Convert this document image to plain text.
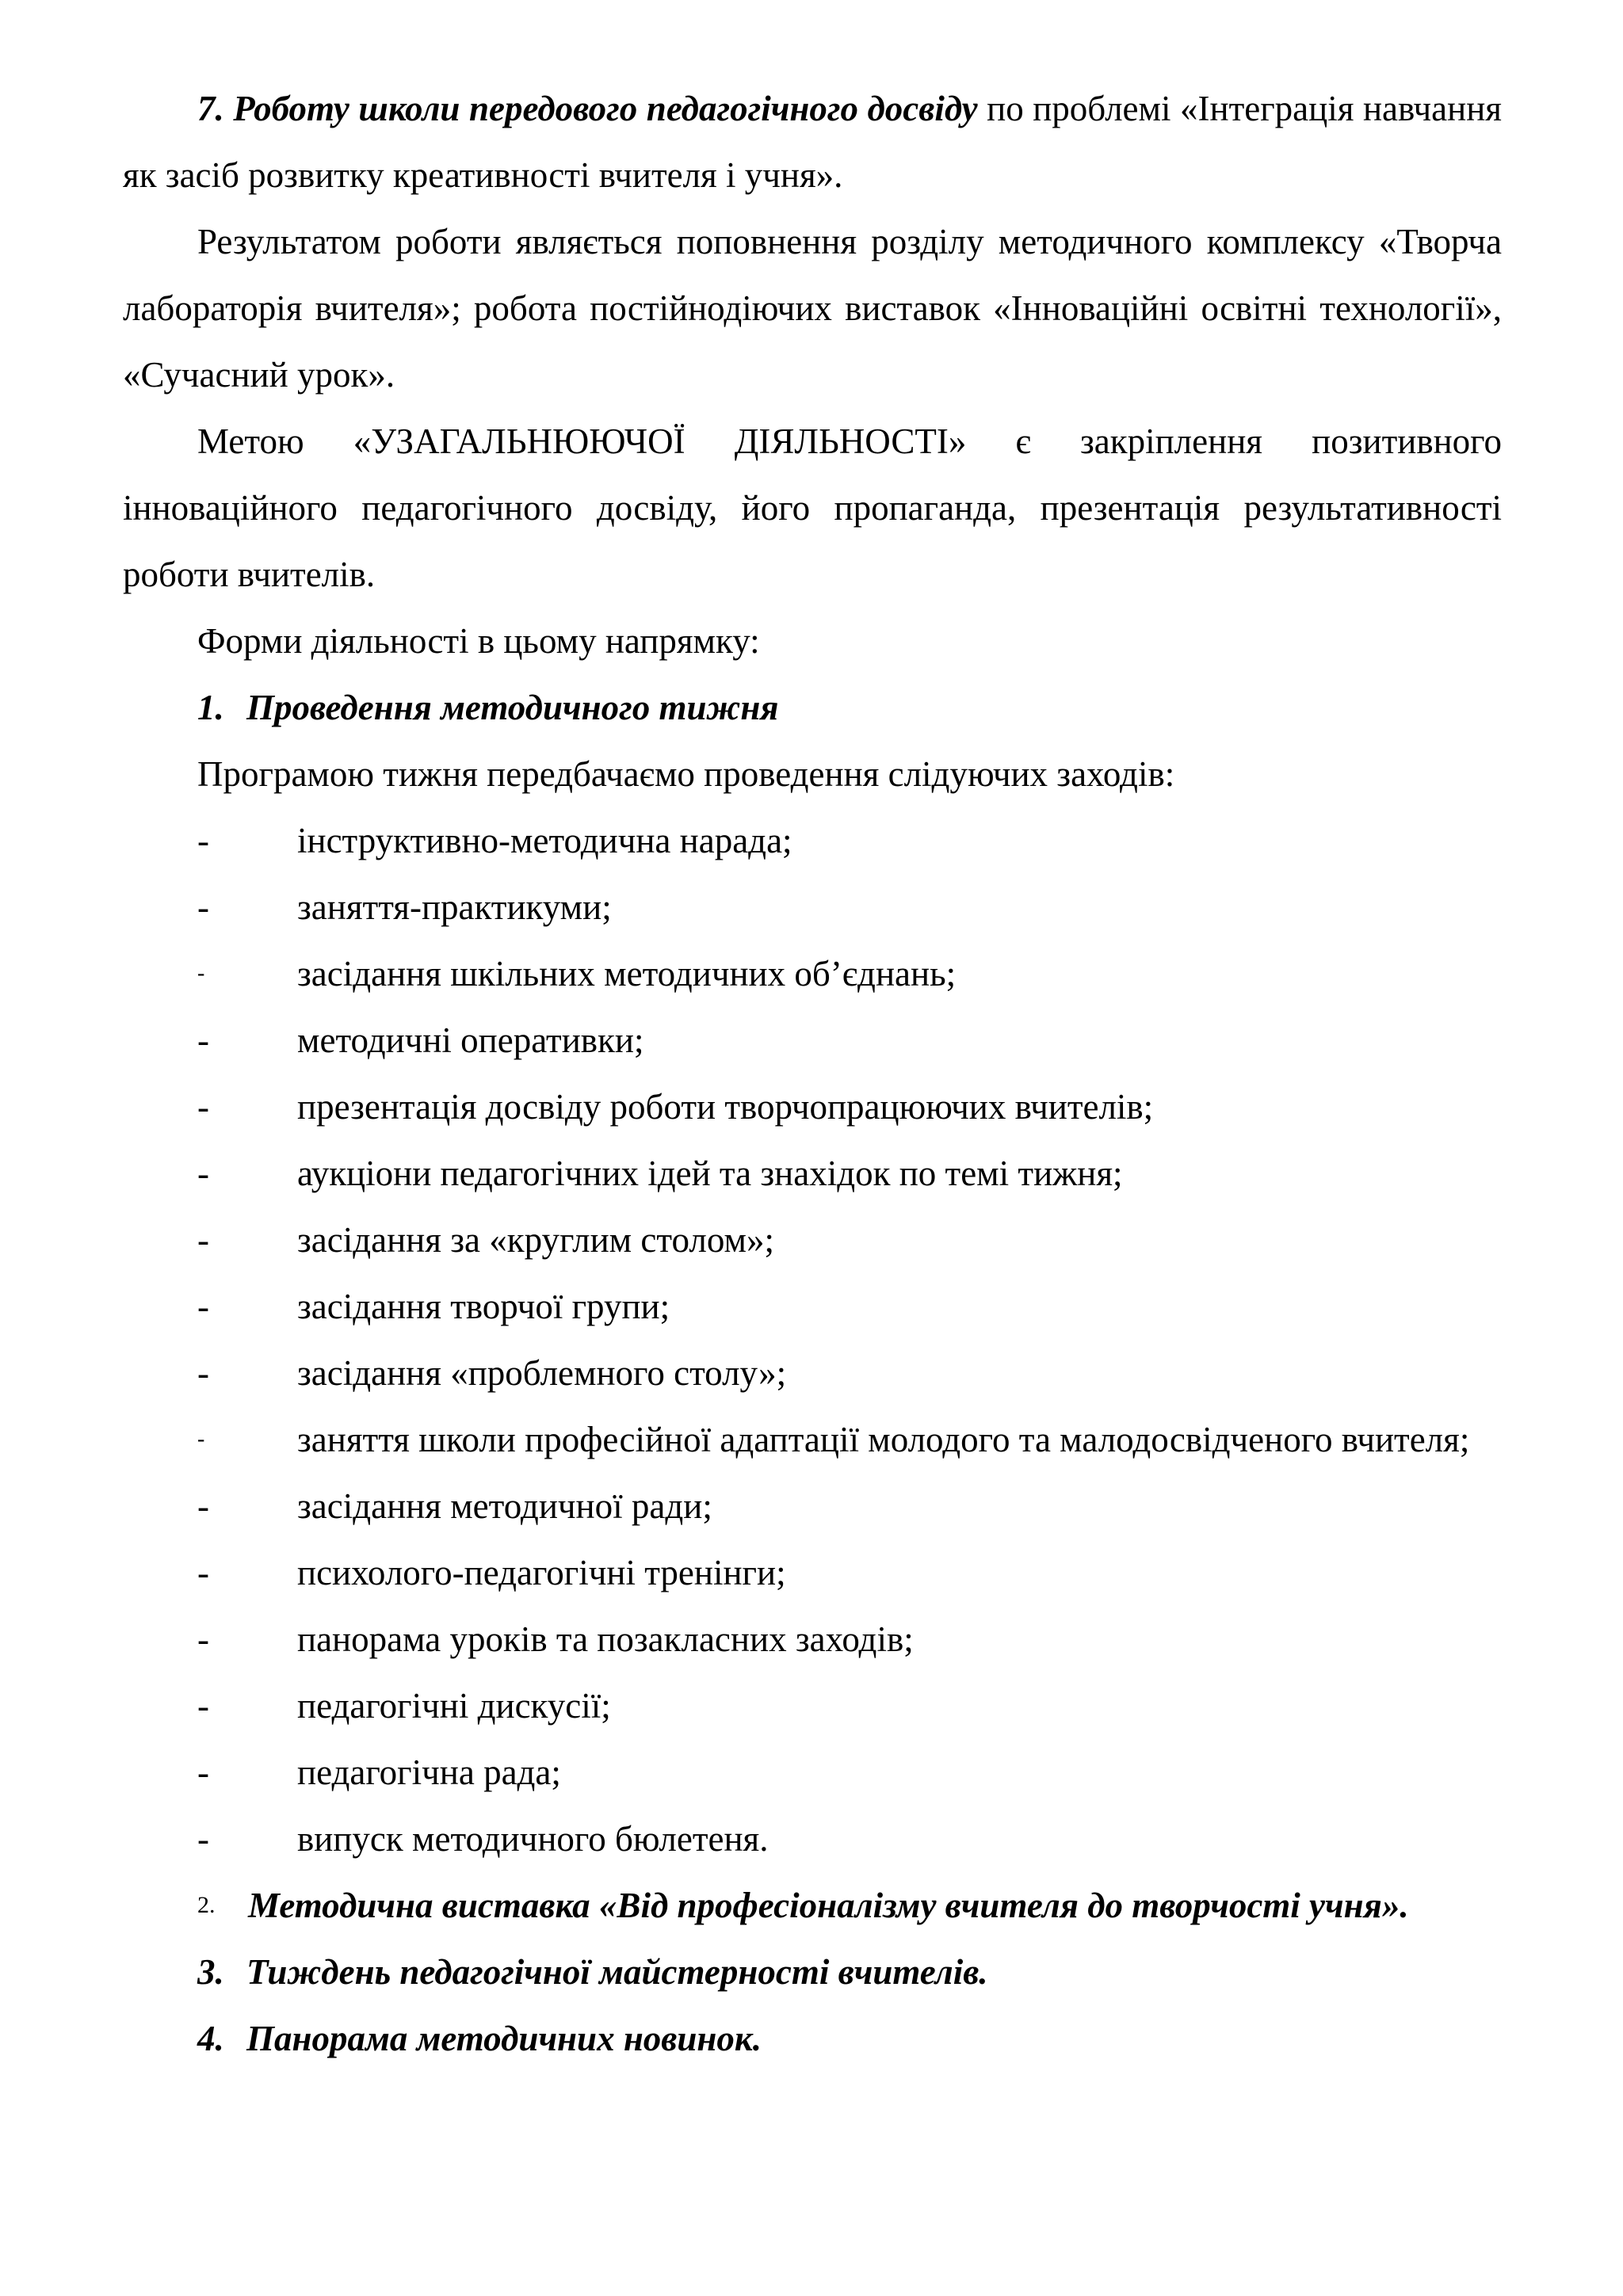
7. Роботу школи передового педагогічного досвіду по проблемі «Інтеграція навчання як засіб розвитку креативності вчителя і учня».

Результатом роботи являється поповнення розділу методичного комплексу «Творча лабораторія вчителя»; робота постійнодіючих виставок «Інноваційні освітні технології», «Сучасний урок».

Метою «УЗАГАЛЬНЮЮЧОЇ ДІЯЛЬНОСТІ» є закріплення позитивного інноваційного педагогічного досвіду, його пропаганда, презентація результативності роботи вчителів.

Форми діяльності в цьому напрямку:

1. Проведення методичного тижня

Програмою тижня передбачаємо проведення слідуючих заходів:

- інструктивно-методична нарада;
- заняття-практикуми;
-	засідання шкільних методичних об’єднань;
- методичні оперативки;
- презентація досвіду роботи творчопрацюючих вчителів;
- аукціони педагогічних ідей та знахідок по темі тижня;
- засідання за «круглим столом»;
- засідання творчої групи;
- засідання «проблемного столу»;
-	заняття школи професійної адаптації молодого та малодосвідченого вчителя;
- засідання методичної ради;
- психолого-педагогічні тренінги;
- панорама уроків та позакласних заходів;
- педагогічні дискусії;
- педагогічна рада;
- випуск методичного бюлетеня.

2. Методична виставка «Від професіоналізму вчителя до творчості учня».

3. Тиждень педагогічної майстерності вчителів.

4. Панорама методичних новинок.
